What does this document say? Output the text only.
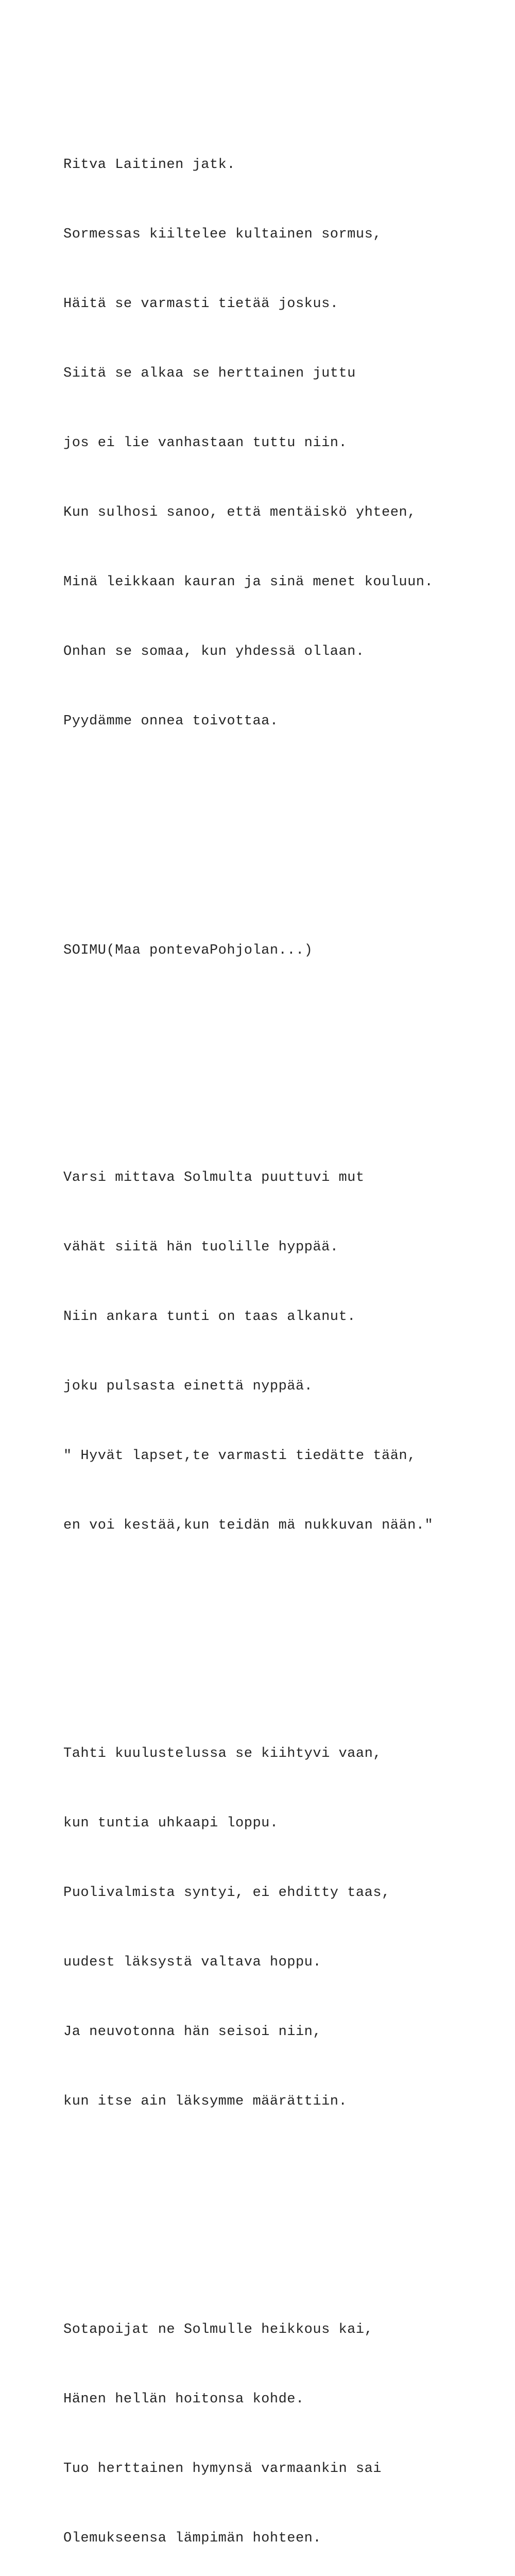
Ritva Laitinen jatk.

Sormessas kiiltelee kultainen sormus,

Häitä se varmasti tietää joskus.

Siitä se alkaa se herttainen juttu

jos ei lie vanhastaan tuttu niin.

Kun sulhosi sanoo, että mentäiskö yhteen,

Minä leikkaan kauran ja sinä menet kouluun.

Onhan se somaa, kun yhdessä ollaan.

Pyydämme onnea toivottaa.

SOIMU(Maa pontevaPohjolan...)

Varsi mittava Solmulta puuttuvi mut

vähät siitä hän tuolille hyppää.

Niin ankara tunti on taas alkanut.

joku pulsasta einettä nyppää.

" Hyvät lapset,te varmasti tiedätte tään,

en voi kestää,kun teidän mä nukkuvan nään."

Tahti kuulustelussa se kiihtyvi vaan,

kun tuntia uhkaapi loppu.

Puolivalmista syntyi, ei ehditty taas,

uudest läksystä valtava hoppu.

Ja neuvotonna hän seisoi niin,

kun itse ain läksymme määrättiin.

Sotapoijat ne Solmulle heikkous kai,

Hänen hellän hoitonsa kohde.

Tuo herttainen hymynsä varmaankin sai

Olemukseensa lämpimän hohteen.
